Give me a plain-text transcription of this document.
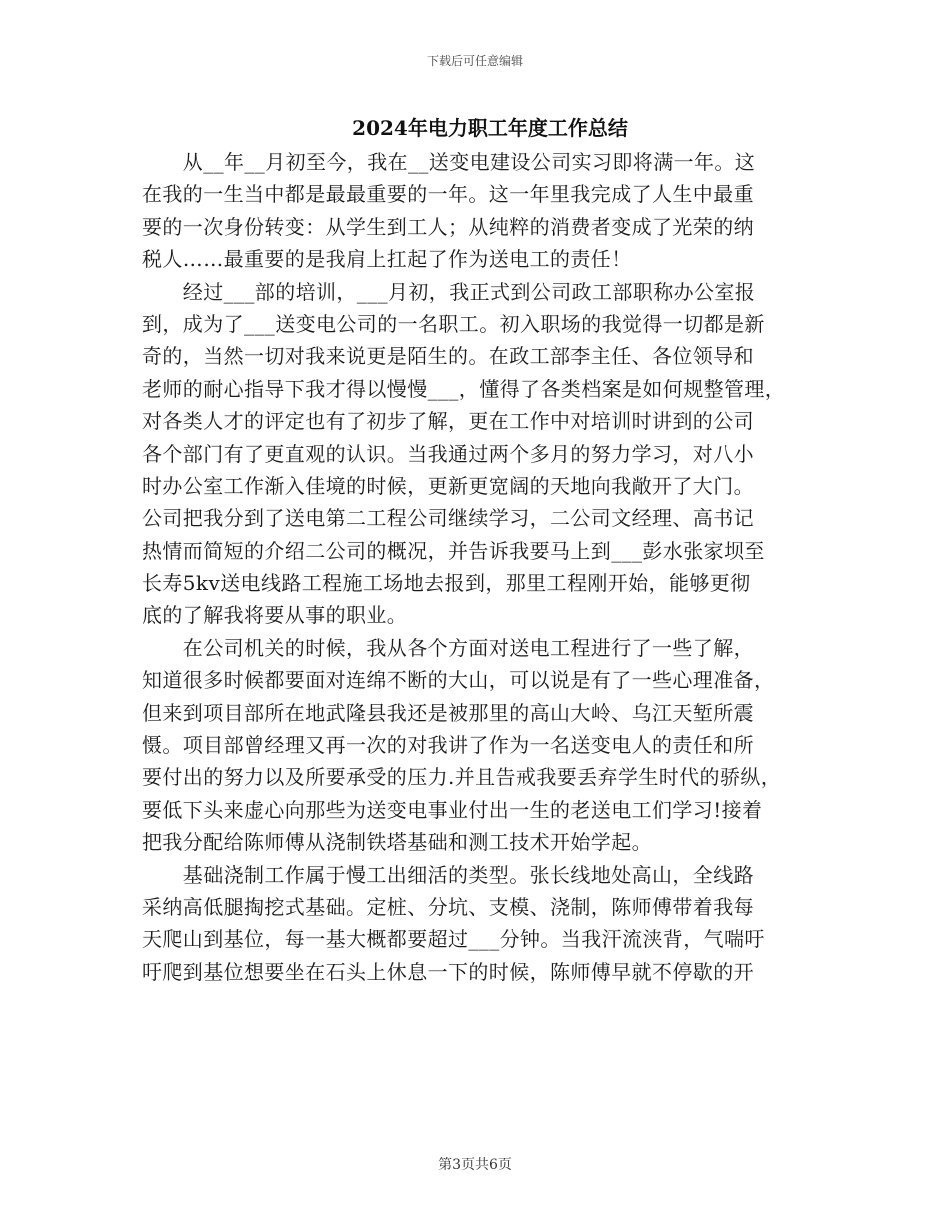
下载后可任意编辑
2024年电力职工年度工作总结
　　从__年__月初至今，我在__送变电建设公司实习即将满一年。这
在我的一生当中都是最最重要的一年。这一年里我完成了人生中最重
要的一次身份转变：从学生到工人；从纯粹的消费者变成了光荣的纳
税人……最重要的是我肩上扛起了作为送电工的责任！
　　经过___部的培训，___月初，我正式到公司政工部职称办公室报
到，成为了___送变电公司的一名职工。初入职场的我觉得一切都是新
奇的，当然一切对我来说更是陌生的。在政工部李主任、各位领导和
老师的耐心指导下我才得以慢慢___，懂得了各类档案是如何规整管理，
对各类人才的评定也有了初步了解，更在工作中对培训时讲到的公司
各个部门有了更直观的认识。当我通过两个多月的努力学习，对八小
时办公室工作渐入佳境的时候，更新更宽阔的天地向我敞开了大门。
公司把我分到了送电第二工程公司继续学习，二公司文经理、高书记
热情而简短的介绍二公司的概况，并告诉我要马上到___彭水张家坝至
长寿5kv送电线路工程施工场地去报到，那里工程刚开始，能够更彻
底的了解我将要从事的职业。
　　在公司机关的时候，我从各个方面对送电工程进行了一些了解，
知道很多时候都要面对连绵不断的大山，可以说是有了一些心理准备，
但来到项目部所在地武隆县我还是被那里的高山大岭、乌江天堑所震
慑。项目部曾经理又再一次的对我讲了作为一名送变电人的责任和所
要付出的努力以及所要承受的压力.并且告戒我要丢弃学生时代的骄纵，
要低下头来虚心向那些为送变电事业付出一生的老送电工们学习!接着
把我分配给陈师傅从浇制铁塔基础和测工技术开始学起。
　　基础浇制工作属于慢工出细活的类型。张长线地处高山，全线路
采纳高低腿掏挖式基础。定桩、分坑、支模、浇制，陈师傅带着我每
天爬山到基位，每一基大概都要超过___分钟。当我汗流浃背，气喘吁
吁爬到基位想要坐在石头上休息一下的时候，陈师傅早就不停歇的开
第3页共6页
